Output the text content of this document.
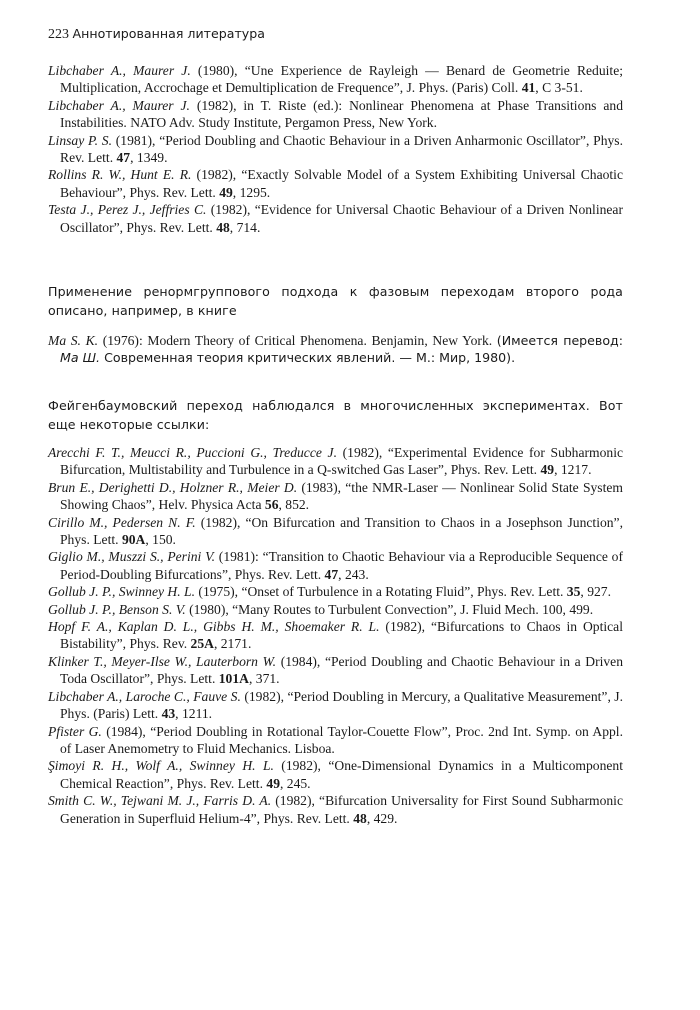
223 Аннотированная литература

Libchaber A., Maurer J. (1980), “Une Experience de Rayleigh — Benard de Geometrie Reduite; Multiplication, Accrochage et Demultiplication de Frequence”, J. Phys. (Paris) Coll. 41, C 3-51.

Libchaber A., Maurer J. (1982), in T. Riste (ed.): Nonlinear Phenomena at Phase Transitions and Instabilities. NATO Adv. Study Institute, Pergamon Press, New York.

Linsay P. S. (1981), “Period Doubling and Chaotic Behaviour in a Driven Anharmonic Oscillator”, Phys. Rev. Lett. 47, 1349.

Rollins R. W., Hunt E. R. (1982), “Exactly Solvable Model of a System Exhibiting Universal Chaotic Behaviour”, Phys. Rev. Lett. 49, 1295.

Testa J., Perez J., Jeffries C. (1982), “Evidence for Universal Chaotic Behaviour of a Driven Nonlinear Oscillator”, Phys. Rev. Lett. 48, 714.

Применение ренормгруппового подхода к фазовым переходам второго рода описано, например, в книге

Ma S. K. (1976): Modern Theory of Critical Phenomena. Benjamin, New York. (Имеется перевод: Ма Ш. Современная теория критических явлений. — М.: Мир, 1980).

Фейгенбаумовский переход наблюдался в многочисленных экспериментах. Вот еще некоторые ссылки:

Arecchi F. T., Meucci R., Puccioni G., Treducce J. (1982), “Experimental Evidence for Subharmonic Bifurcation, Multistability and Turbulence in a Q-switched Gas Laser”, Phys. Rev. Lett. 49, 1217.

Brun E., Derighetti D., Holzner R., Meier D. (1983), “the NMR-Laser — Nonlinear Solid State System Showing Chaos”, Helv. Physica Acta 56, 852.

Cirillo M., Pedersen N. F. (1982), “On Bifurcation and Transition to Chaos in a Josephson Junction”, Phys. Lett. 90A, 150.

Giglio M., Muszzi S., Perini V. (1981): “Transition to Chaotic Behaviour via a Reproducible Sequence of Period-Doubling Bifurcations”, Phys. Rev. Lett. 47, 243.

Gollub J. P., Swinney H. L. (1975), “Onset of Turbulence in a Rotating Fluid”, Phys. Rev. Lett. 35, 927.

Gollub J. P., Benson S. V. (1980), “Many Routes to Turbulent Convection”, J. Fluid Mech. 100, 499.

Hopf F. A., Kaplan D. L., Gibbs H. M., Shoemaker R. L. (1982), “Bifurcations to Chaos in Optical Bistability”, Phys. Rev. 25A, 2171.

Klinker T., Meyer-Ilse W., Lauterborn W. (1984), “Period Doubling and Chaotic Behaviour in a Driven Toda Oscillator”, Phys. Lett. 101A, 371.

Libchaber A., Laroche C., Fauve S. (1982), “Period Doubling in Mercury, a Qualitative Measurement”, J. Phys. (Paris) Lett. 43, 1211.

Pfister G. (1984), “Period Doubling in Rotational Taylor-Couette Flow”, Proc. 2nd Int. Symp. on Appl. of Laser Anemometry to Fluid Mechanics. Lisboa.

Şimoyi R. H., Wolf A., Swinney H. L. (1982), “One-Dimensional Dynamics in a Multicomponent Chemical Reaction”, Phys. Rev. Lett. 49, 245.

Smith C. W., Tejwani M. J., Farris D. A. (1982), “Bifurcation Universality for First Sound Subharmonic Generation in Superfluid Helium-4”, Phys. Rev. Lett. 48, 429.
